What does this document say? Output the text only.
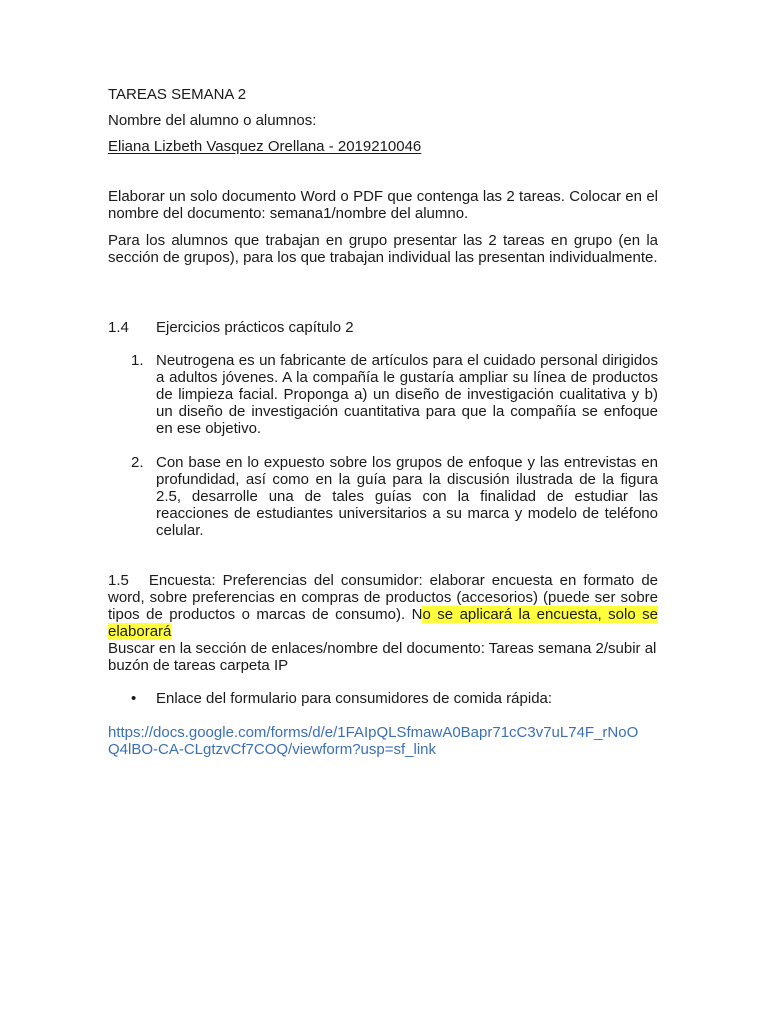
TAREAS SEMANA 2
Nombre del alumno o alumnos:
Eliana Lizbeth Vasquez Orellana - 2019210046
Elaborar un solo documento Word o PDF que contenga las 2 tareas. Colocar en el nombre del documento: semana1/nombre del alumno.
Para los alumnos que trabajan en grupo presentar las 2 tareas en grupo (en la sección de grupos), para los que trabajan individual las presentan individualmente.
1.4 Ejercicios prácticos capítulo 2
1. Neutrogena es un fabricante de artículos para el cuidado personal dirigidos a adultos jóvenes. A la compañía le gustaría ampliar su línea de productos de limpieza facial. Proponga a) un diseño de investigación cualitativa y b) un diseño de investigación cuantitativa para que la compañía se enfoque en ese objetivo.
2. Con base en lo expuesto sobre los grupos de enfoque y las entrevistas en profundidad, así como en la guía para la discusión ilustrada de la figura 2.5, desarrolle una de tales guías con la finalidad de estudiar las reacciones de estudiantes universitarios a su marca y modelo de teléfono celular.
1.5 Encuesta: Preferencias del consumidor: elaborar encuesta en formato de word, sobre preferencias en compras de productos (accesorios) (puede ser sobre tipos de productos o marcas de consumo). No se aplicará la encuesta, solo se elaborará
Buscar en la sección de enlaces/nombre del documento: Tareas semana 2/subir al buzón de tareas carpeta IP
• Enlace del formulario para consumidores de comida rápida:
https://docs.google.com/forms/d/e/1FAIpQLSfmawA0Bapr71cC3v7uL74F_rNoO
Q4lBO-CA-CLgtzvCf7COQ/viewform?usp=sf_link
